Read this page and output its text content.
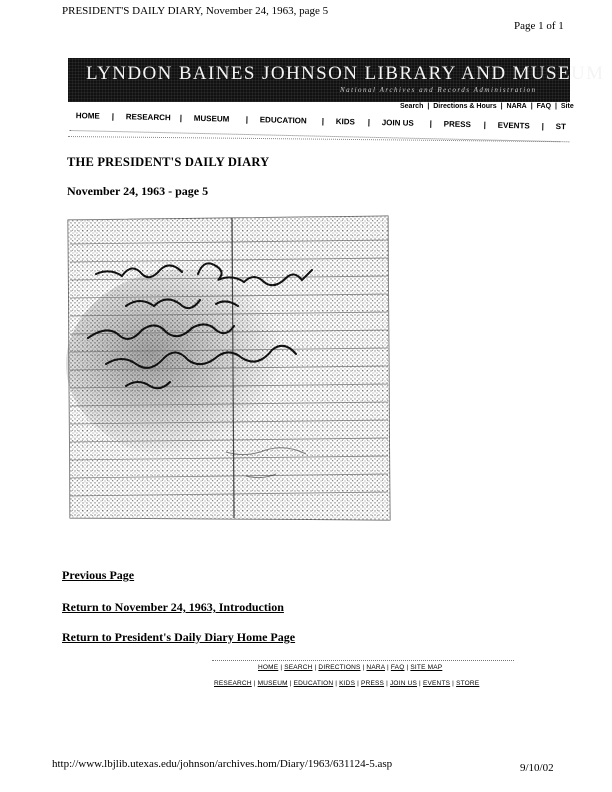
PRESIDENT'S DAILY DIARY, November 24, 1963, page 5
Page 1 of 1
LYNDON BAINES JOHNSON LIBRARY AND MUSEUM
National Archives and Records Administration
Search | Directions & Hours | NARA | FAQ | Site
HOME | RESEARCH | MUSEUM | EDUCATION | KIDS | JOIN US | PRESS | EVENTS | ST
THE PRESIDENT'S DAILY DIARY
November 24, 1963 - page 5
Previous Page
Return to November 24, 1963, Introduction
Return to President's Daily Diary Home Page
HOME | SEARCH | DIRECTIONS | NARA | FAQ | SITE MAP
RESEARCH | MUSEUM | EDUCATION | KIDS | PRESS | JOIN US | EVENTS | STORE
http://www.lbjlib.utexas.edu/johnson/archives.hom/Diary/1963/631124-5.asp	9/10/02
